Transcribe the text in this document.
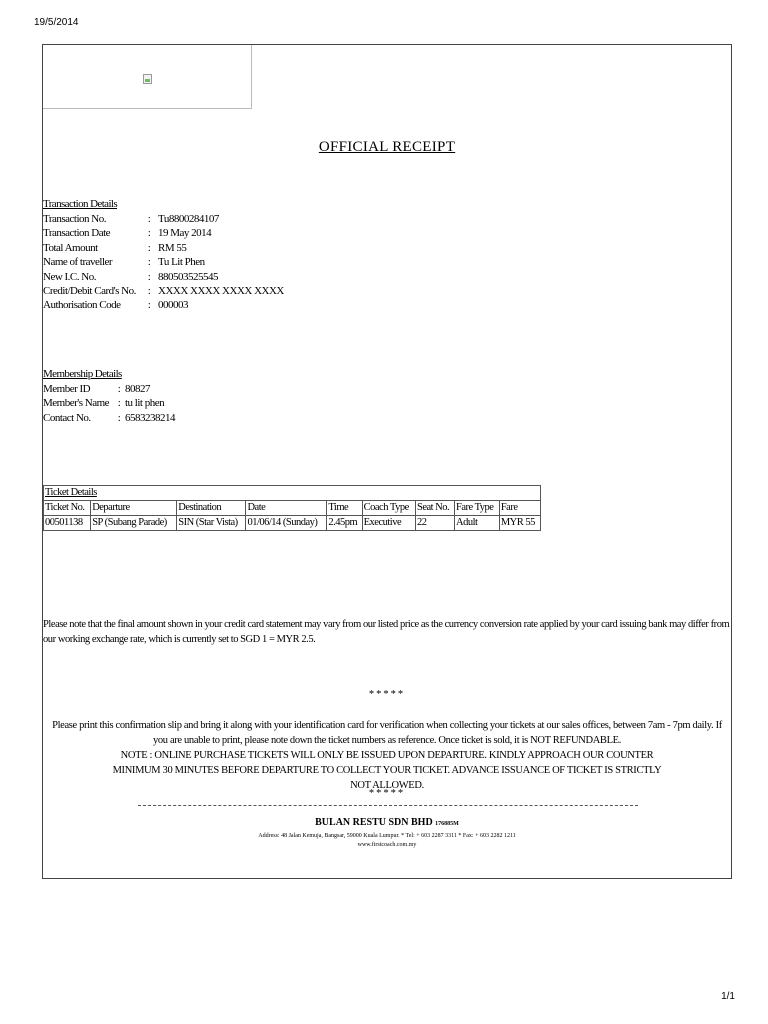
19/5/2014
OFFICIAL RECEIPT
Transaction Details
Transaction No.	: Tu8800284107
Transaction Date	: 19 May 2014
Total Amount	: RM 55
Name of traveller	: Tu Lit Phen
New I.C. No.	: 880503525545
Credit/Debit Card's No.	: XXXX XXXX XXXX XXXX
Authorisation Code	: 000003
Membership Details
Member ID	: 80827
Member's Name : tu lit phen
Contact No.	: 6583238214
Ticket Details								
Ticket No.	Departure	Destination	Date	Time	Coach Type	Seat No.	Fare Type	Fare
00501138	SP (Subang Parade)	SIN (Star Vista)	01/06/14 (Sunday)	2.45pm	Executive	22	Adult	MYR 55
Please note that the final amount shown in your credit card statement may vary from our listed price as the currency conversion rate applied by your card issuing bank may differ from our working exchange rate, which is currently set to SGD 1 = MYR 2.5.
*****
Please print this confirmation slip and bring it along with your identification card for verification when collecting your tickets at our sales offices, between 7am - 7pm daily. If you are unable to print, please note down the ticket numbers as reference. Once ticket is sold, it is NOT REFUNDABLE.
NOTE : ONLINE PURCHASE TICKETS WILL ONLY BE ISSUED UPON DEPARTURE. KINDLY APPROACH OUR COUNTER MINIMUM 30 MINUTES BEFORE DEPARTURE TO COLLECT YOUR TICKET. ADVANCE ISSUANCE OF TICKET IS STRICTLY NOT ALLOWED.
*****
BULAN RESTU SDN BHD 176885M
Address: 48 Jalan Kemuja, Bangsar, 59000 Kuala Lumpur. * Tel: + 603 2287 3311 * Fax: + 603 2282 1211
www.firstcoach.com.my
1/1
